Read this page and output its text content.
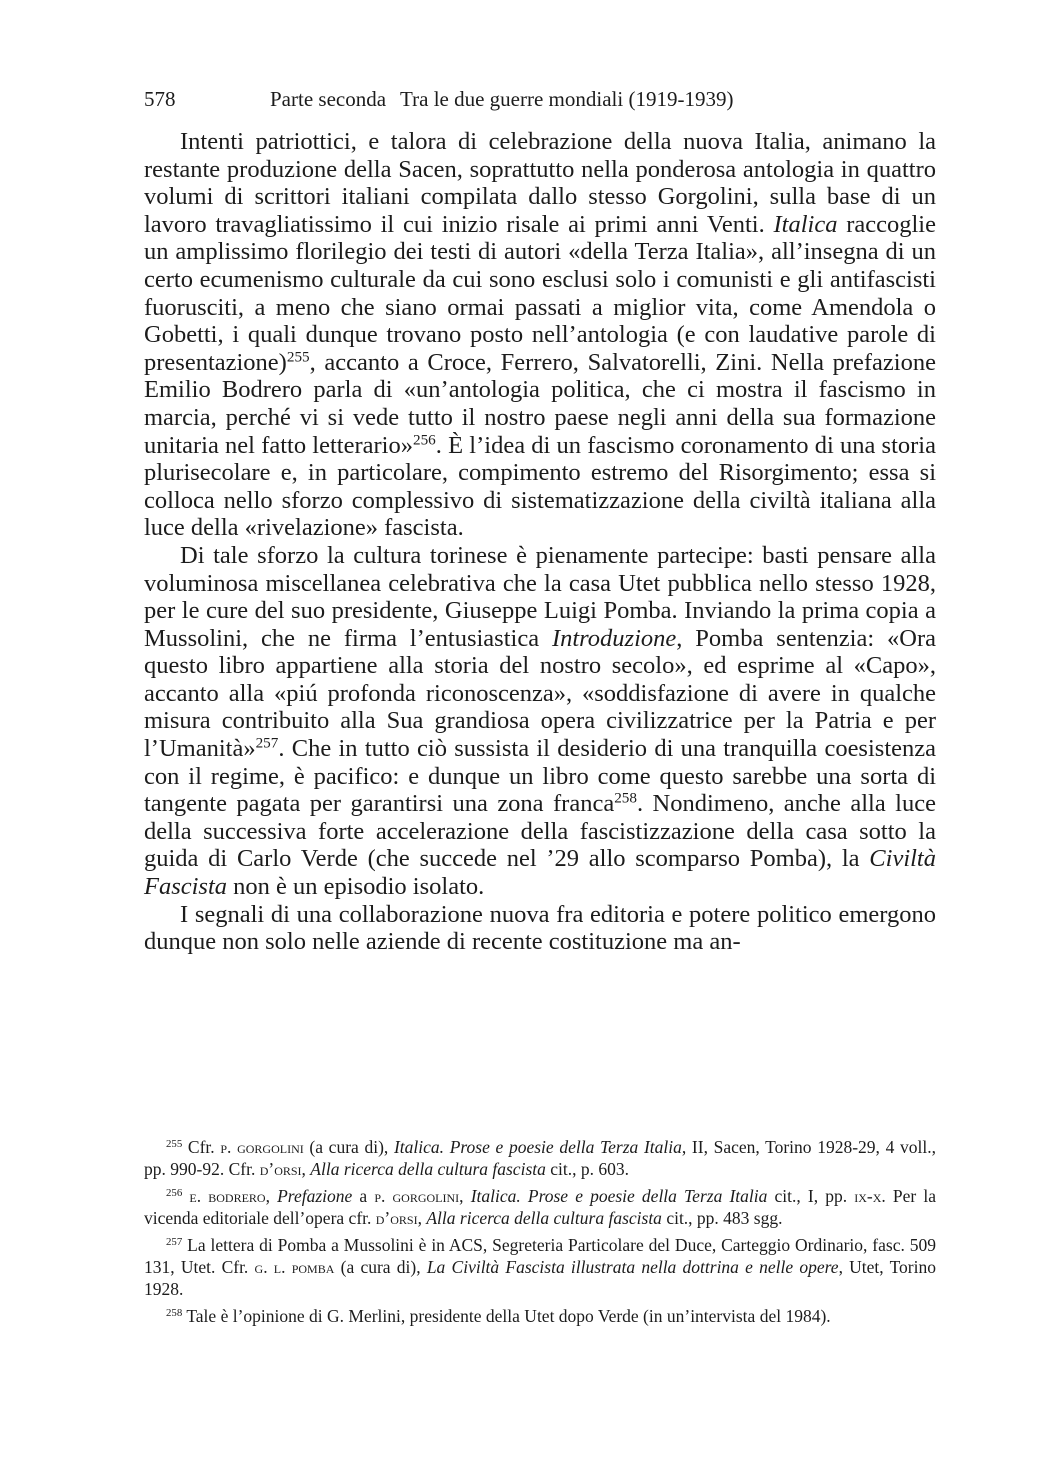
578	Parte seconda Tra le due guerre mondiali (1919-1939)

Intenti patriottici, e talora di celebrazione della nuova Italia, animano la restante produzione della Sacen, soprattutto nella ponderosa antologia in quattro volumi di scrittori italiani compilata dallo stesso Gorgolini, sulla base di un lavoro travagliatissimo il cui inizio risale ai primi anni Venti. Italica raccoglie un amplissimo florilegio dei testi di autori «della Terza Italia», all’insegna di un certo ecumenismo culturale da cui sono esclusi solo i comunisti e gli antifascisti fuorusciti, a meno che siano ormai passati a miglior vita, come Amendola o Gobetti, i quali dunque trovano posto nell’antologia (e con laudative parole di presentazione)$^{255}$, accanto a Croce, Ferrero, Salvatorelli, Zini. Nella prefazione Emilio Bodrero parla di «un’antologia politica, che ci mostra il fascismo in marcia, perché vi si vede tutto il nostro paese negli anni della sua formazione unitaria nel fatto letterario»$^{256}$. È l’idea di un fascismo coronamento di una storia plurisecolare e, in particolare, compimento estremo del Risorgimento; essa si colloca nello sforzo complessivo di sistematizzazione della civiltà italiana alla luce della «rivelazione» fascista.

Di tale sforzo la cultura torinese è pienamente partecipe: basti pensare alla voluminosa miscellanea celebrativa che la casa Utet pubblica nello stesso 1928, per le cure del suo presidente, Giuseppe Luigi Pomba. Inviando la prima copia a Mussolini, che ne firma l’entusiastica Introduzione, Pomba sentenzia: «Ora questo libro appartiene alla storia del nostro secolo», ed esprime al «Capo», accanto alla «piú profonda riconoscenza», «soddisfazione di avere in qualche misura contribuito alla Sua grandiosa opera civilizzatrice per la Patria e per l’Umanità»$^{257}$. Che in tutto ciò sussista il desiderio di una tranquilla coesistenza con il regime, è pacifico: e dunque un libro come questo sarebbe una sorta di tangente pagata per garantirsi una zona franca$^{258}$. Nondimeno, anche alla luce della successiva forte accelerazione della fascistizzazione della casa sotto la guida di Carlo Verde (che succede nel ’29 allo scomparso Pomba), la Civiltà Fascista non è un episodio isolato.

I segnali di una collaborazione nuova fra editoria e potere politico emergono dunque non solo nelle aziende di recente costituzione ma an-

$^{255}$ Cfr. p. gorgolini (a cura di), Italica. Prose e poesie della Terza Italia, II, Sacen, Torino 1928-29, 4 voll., pp. 990-92. Cfr. d’orsi, Alla ricerca della cultura fascista cit., p. 603.

$^{256}$ e. bodrero, Prefazione a p. gorgolini, Italica. Prose e poesie della Terza Italia cit., I, pp. ix-x. Per la vicenda editoriale dell’opera cfr. d’orsi, Alla ricerca della cultura fascista cit., pp. 483 sgg.

$^{257}$ La lettera di Pomba a Mussolini è in ACS, Segreteria Particolare del Duce, Carteggio Ordinario, fasc. 509 131, Utet. Cfr. g. l. pomba (a cura di), La Civiltà Fascista illustrata nella dottrina e nelle opere, Utet, Torino 1928.

$^{258}$ Tale è l’opinione di G. Merlini, presidente della Utet dopo Verde (in un’intervista del 1984).
